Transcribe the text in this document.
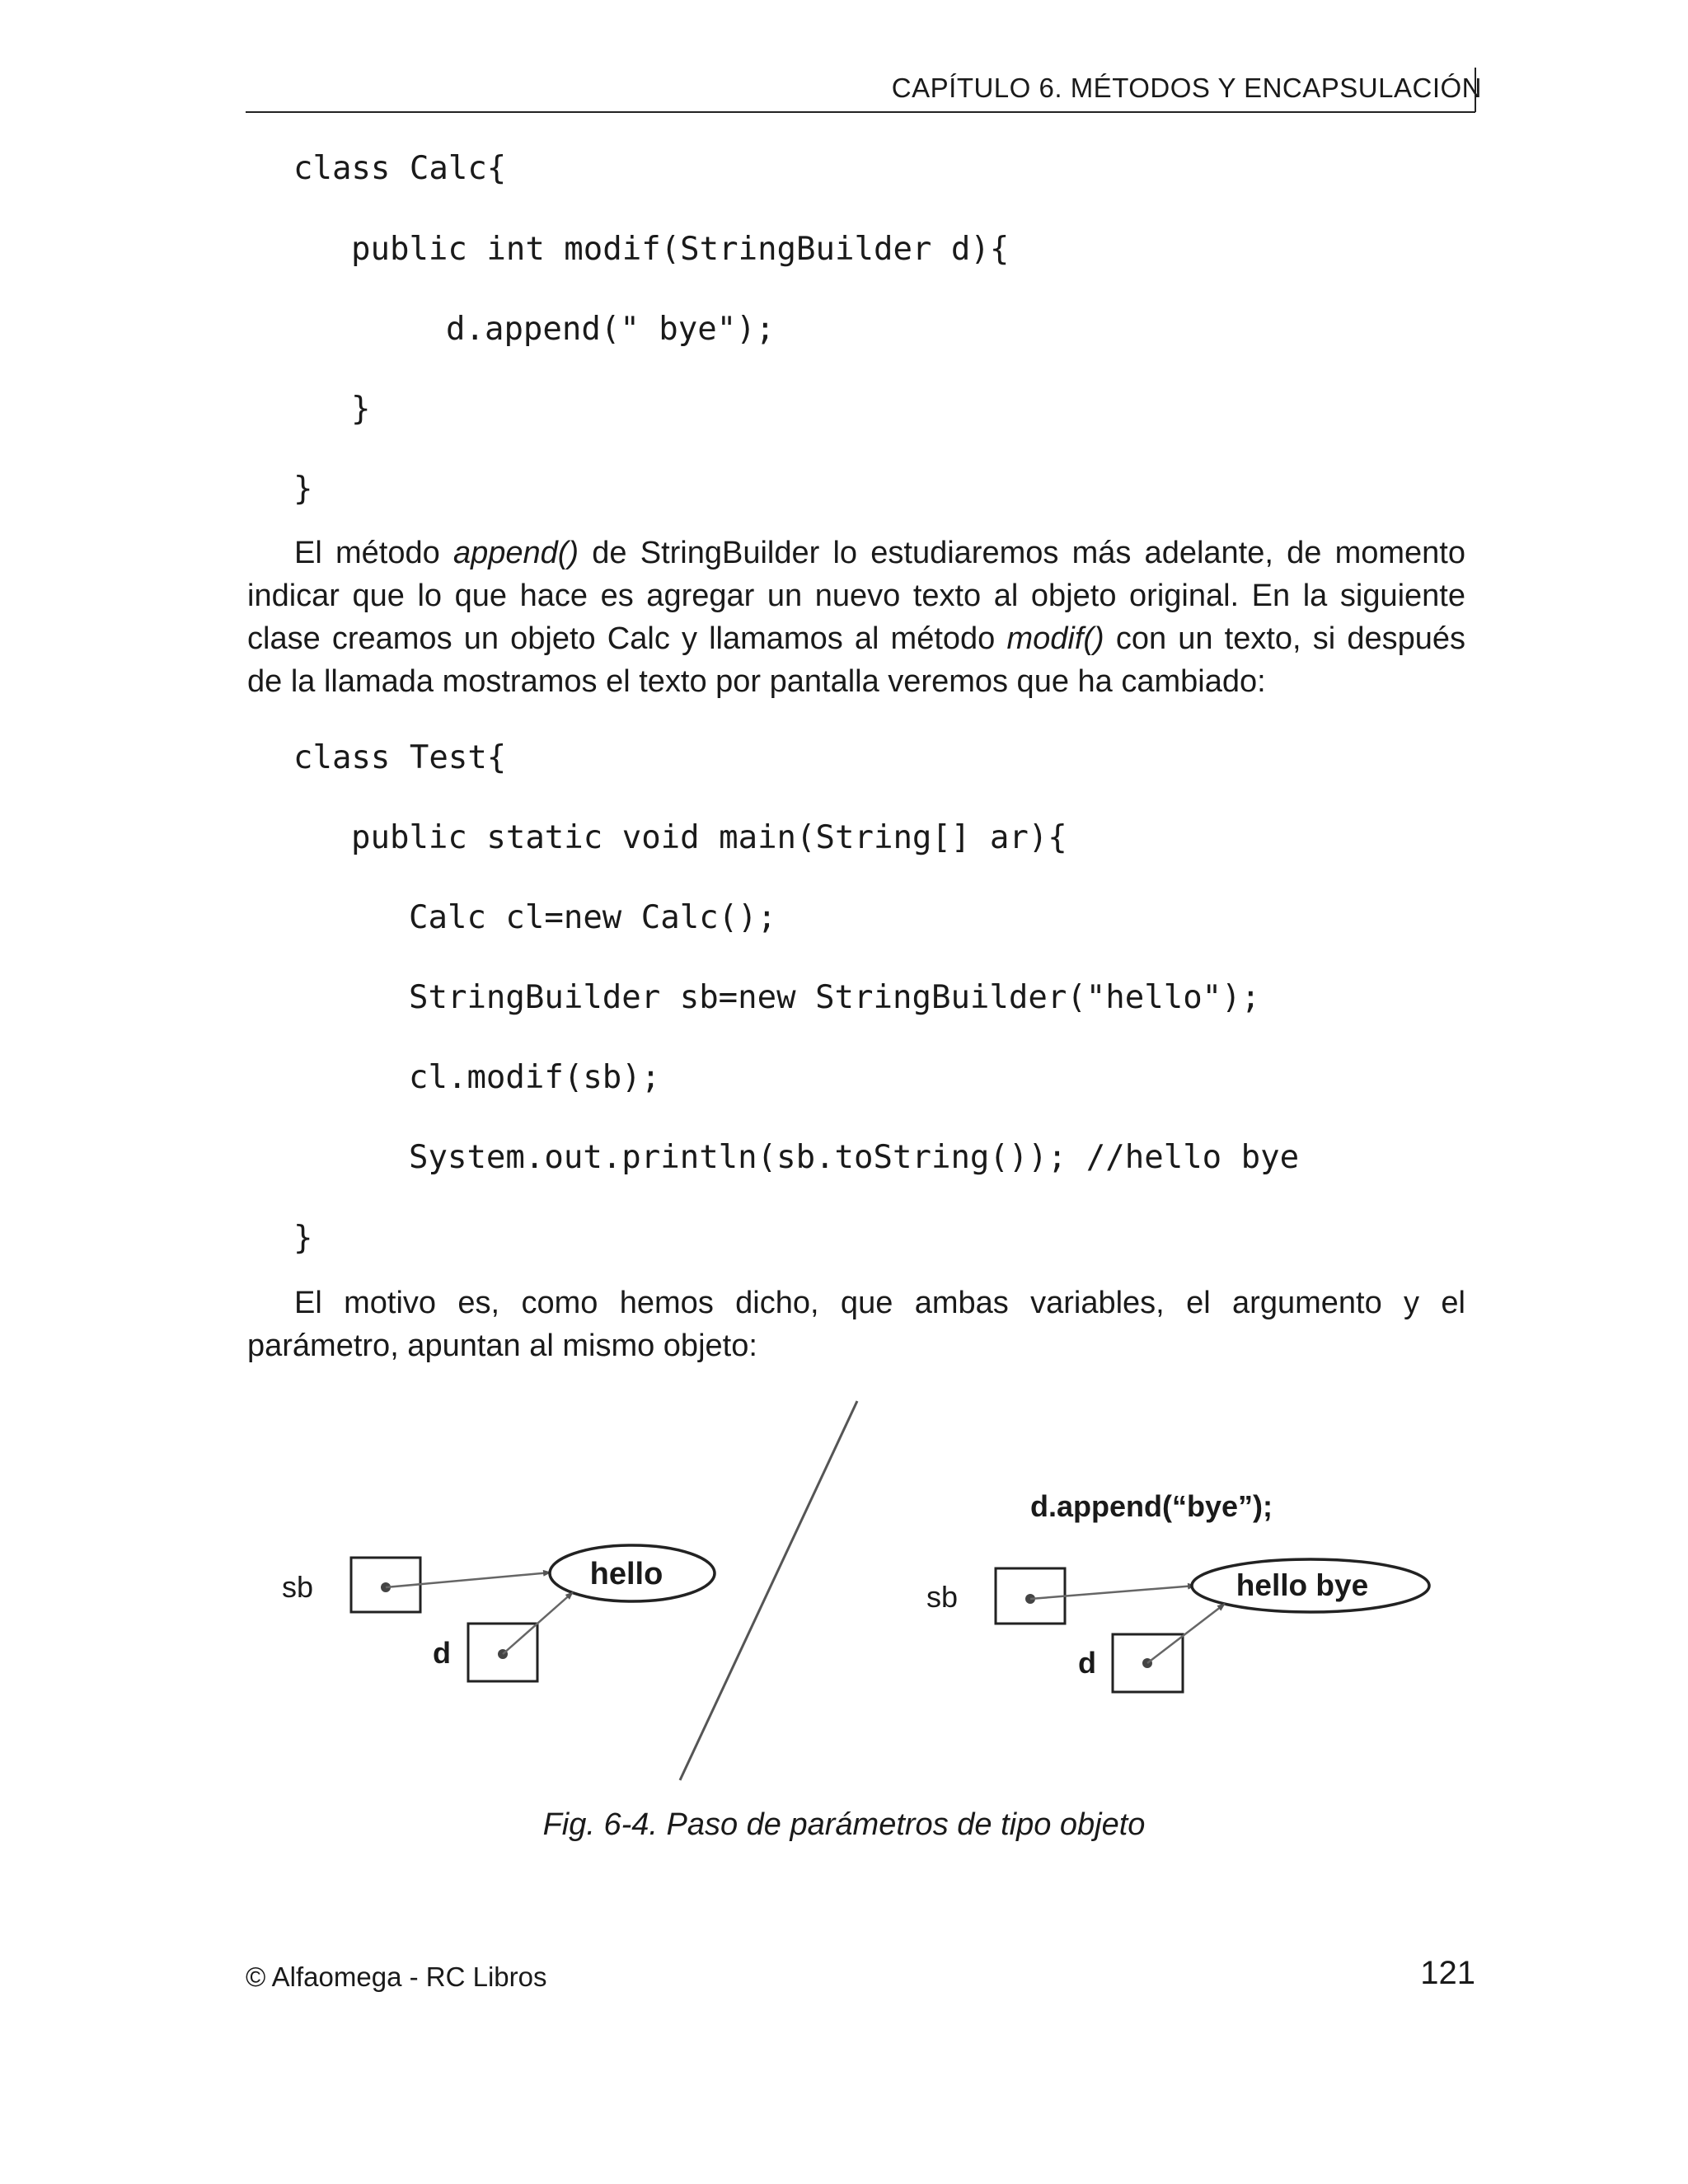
CAPÍTULO 6. MÉTODOS Y ENCAPSULACIÓN
class Calc{
public int modif(StringBuilder d){
d.append(" bye");
}
}

El método append() de StringBuilder lo estudiaremos más adelante, de momento indicar que lo que hace es agregar un nuevo texto al objeto original. En la siguiente clase creamos un objeto Calc y llamamos al método modif() con un texto, si después de la llamada mostramos el texto por pantalla veremos que ha cambiado:

class Test{
public static void main(String[] ar){
Calc cl=new Calc();
StringBuilder sb=new StringBuilder("hello");
cl.modif(sb);
System.out.println(sb.toString()); //hello bye
}

El motivo es, como hemos dicho, que ambas variables, el argumento y el parámetro, apuntan al mismo objeto:

sb	hello
d
d.append(“bye”);
sb	hello bye
d
Fig. 6-4. Paso de parámetros de tipo objeto
© Alfaomega - RC Libros	121
